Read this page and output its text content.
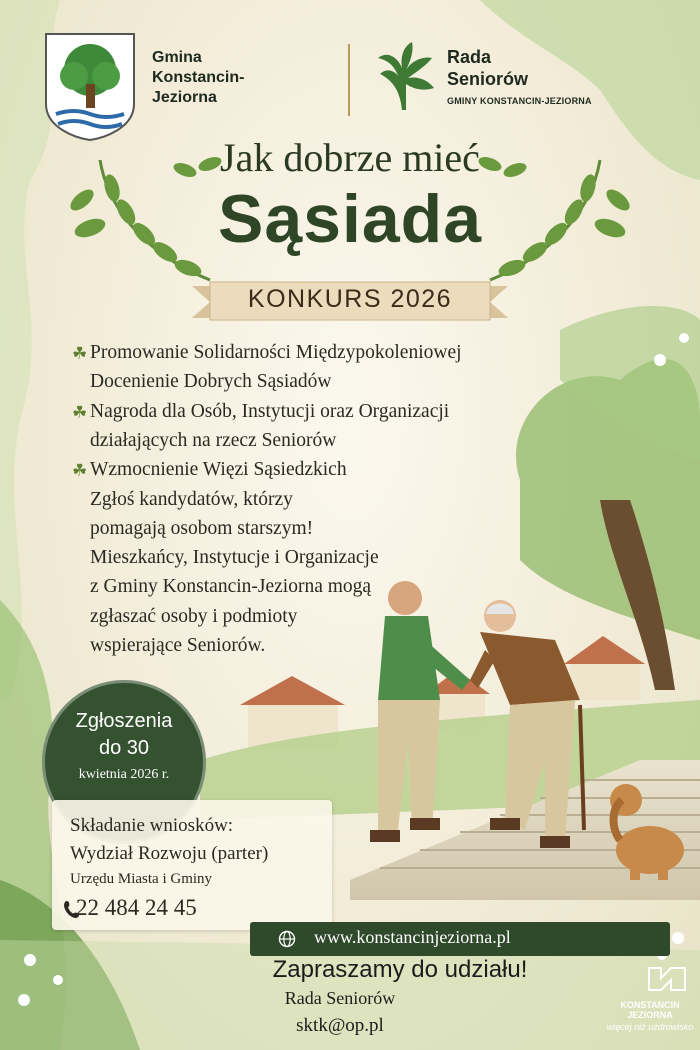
Gmina
Konstancin-
Jeziorna
Rada
Seniorów
GMINY KONSTANCIN-JEZIORNA
Jak dobrze mieć
Sąsiada
KONKURS 2026
☘ Promowanie Solidarności Międzypokoleniowej
Docenienie Dobrych Sąsiadów
☘ Nagroda dla Osób, Instytucji oraz Organizacji
działających na rzecz Seniorów
☘ Wzmocnienie Więzi Sąsiedzkich
Zgłoś kandydatów, którzy
pomagają osobom starszym!
Mieszkańcy, Instytucje i Organizacje
z Gminy Konstancin-Jeziorna mogą
zgłaszać osoby i podmioty
wspierające Seniorów.
Zgłoszenia
do 30
kwietnia 2026 r.
Składanie wniosków:
Wydział Rozwoju (parter)
Urzędu Miasta i Gminy
22 484 24 45
www.konstancinjeziorna.pl
Zapraszamy do udziału!
Rada Seniorów
sktk@op.pl
KONSTANCIN
JEZIORNA
więcej niż uzdrowisko
